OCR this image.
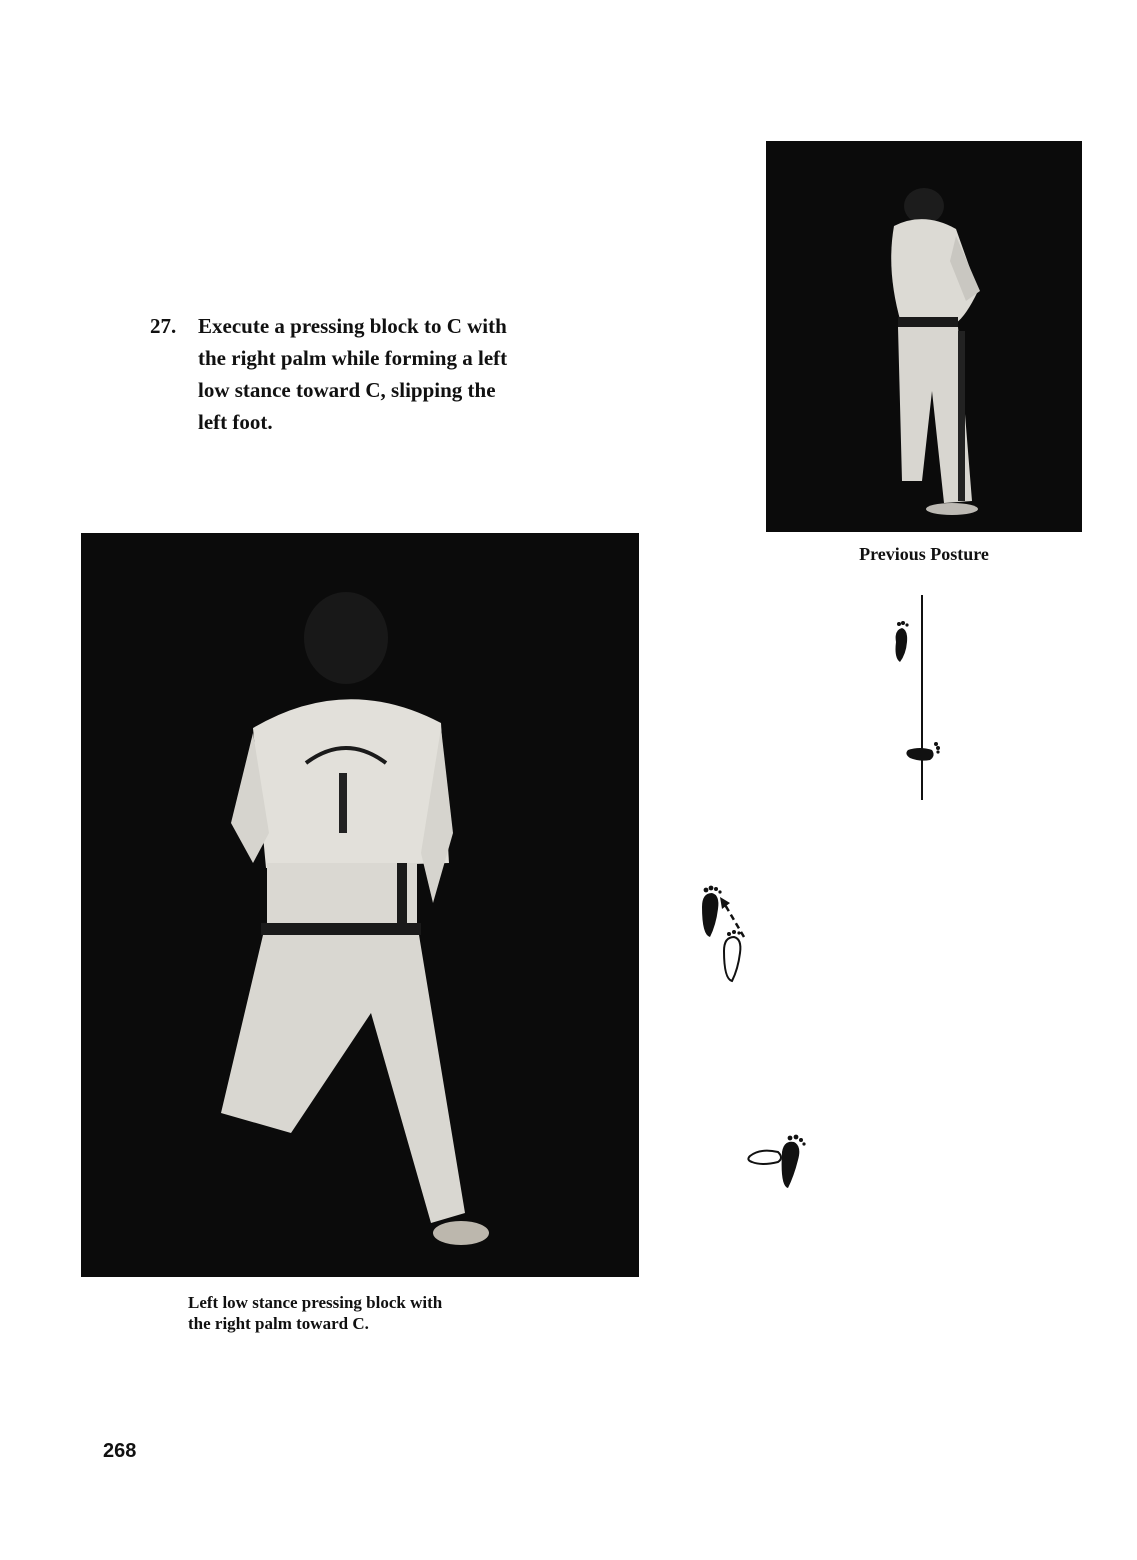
27.	Execute a pressing block to C with
the right palm while forming a left
low stance toward C, slipping the
left foot.
Previous Posture
Left low stance pressing block with
the right palm toward C.
268
